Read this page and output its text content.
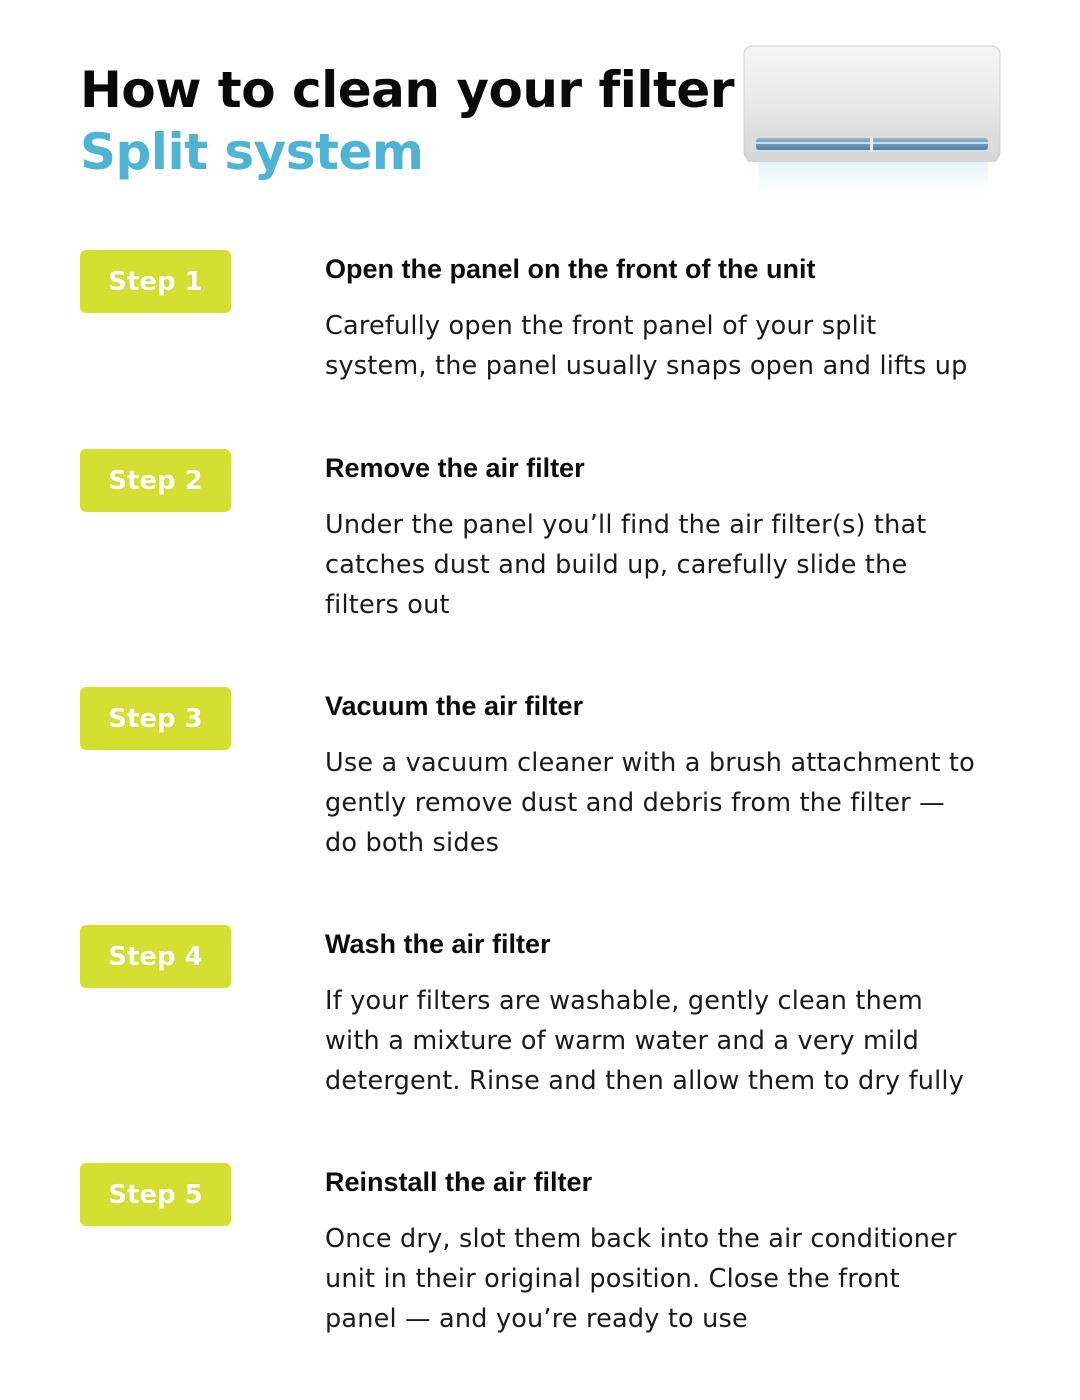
How to clean your filter
Split system
Step 1	Open the panel on the front of the unit

Carefully open the front panel of your split
system, the panel usually snaps open and lifts up

Step 2	Remove the air filter

Under the panel you’ll find the air filter(s) that
catches dust and build up, carefully slide the
filters out

Step 3	Vacuum the air filter

Use a vacuum cleaner with a brush attachment to
gently remove dust and debris from the filter —
do both sides

Step 4	Wash the air filter

If your filters are washable, gently clean them
with a mixture of warm water and a very mild
detergent. Rinse and then allow them to dry fully

Step 5	Reinstall the air filter

Once dry, slot them back into the air conditioner
unit in their original position. Close the front
panel — and you’re ready to use
